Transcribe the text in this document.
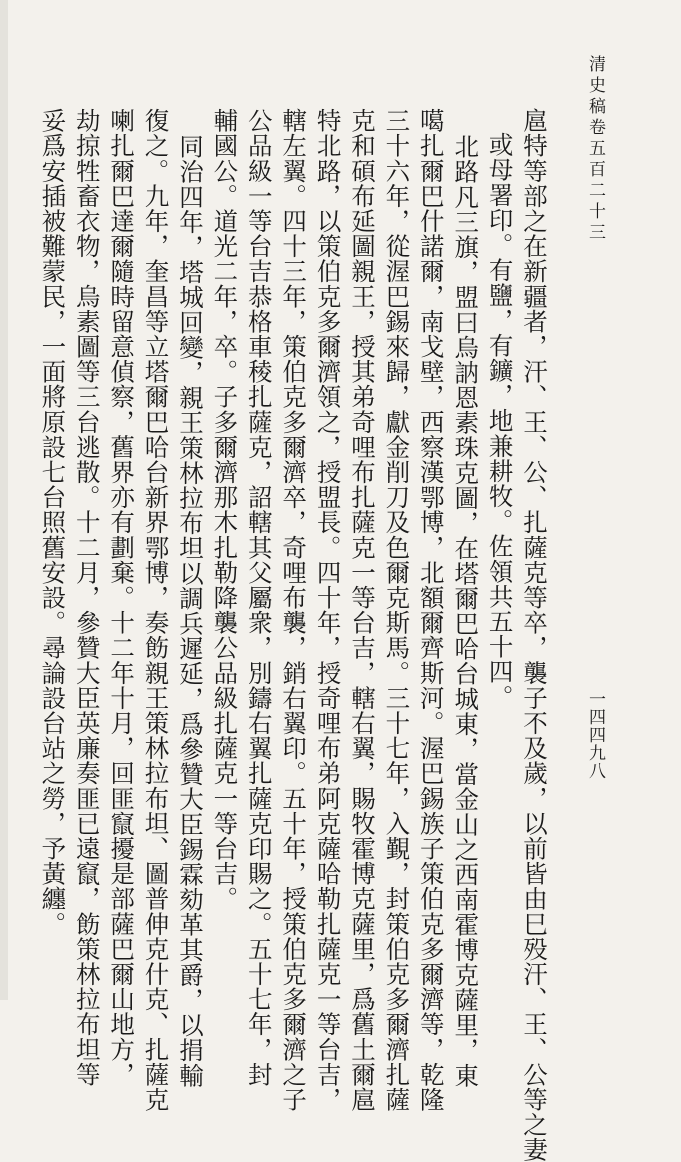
清史稿卷五百二十三
一四四九八
扈特等部之在新疆者，汗、王、公、扎薩克等卒，襲子不及歲，以前皆由巳殁汗、王、公等之妻
或母署印。有鹽，有鑛，地兼耕牧。佐領共五十四。
北路凡三旗，盟曰烏訥恩素珠克圖，在塔爾巴哈台城東，當金山之西南霍博克薩里，東
噶扎爾巴什諾爾，南戈壁，西察漢鄂博，北額爾齊斯河。渥巴錫族子策伯克多爾濟等，乾隆
三十六年，從渥巴錫來歸，獻金削刀及色爾克斯馬。三十七年，入覲，封策伯克多爾濟扎薩
克和碩布延圖親王，授其弟奇哩布扎薩克一等台吉，轄右翼，賜牧霍博克薩里，爲舊土爾扈
特北路，以策伯克多爾濟領之，授盟長。四十年，授奇哩布弟阿克薩哈勒扎薩克一等台吉，
轄左翼。四十三年，策伯克多爾濟卒，奇哩布襲，銷右翼印。五十年，授策伯克多爾濟之子
公品級一等台吉恭格車稜扎薩克，詔轄其父屬衆，別鑄右翼扎薩克印賜之。五十七年，封
輔國公。道光二年，卒。子多爾濟那木扎勒降襲公品級扎薩克一等台吉。
同治四年，塔城回變，親王策林拉布坦以調兵遲延，爲參贊大臣錫霖劾革其爵，以捐輸
復之。九年，奎昌等立塔爾巴哈台新界鄂博，奏飭親王策林拉布坦、圖普伸克什克、扎薩克
喇扎爾巴達爾隨時留意偵察，舊界亦有劃棄。十二年十月，回匪竄擾是部薩巴爾山地方，
劫掠牲畜衣物，烏素圖等三台逃散。十二月，參贊大臣英廉奏匪已遠竄，飭策林拉布坦等
妥爲安插被難蒙民，一面將原設七台照舊安設。尋論設台站之勞，予黃纏。
